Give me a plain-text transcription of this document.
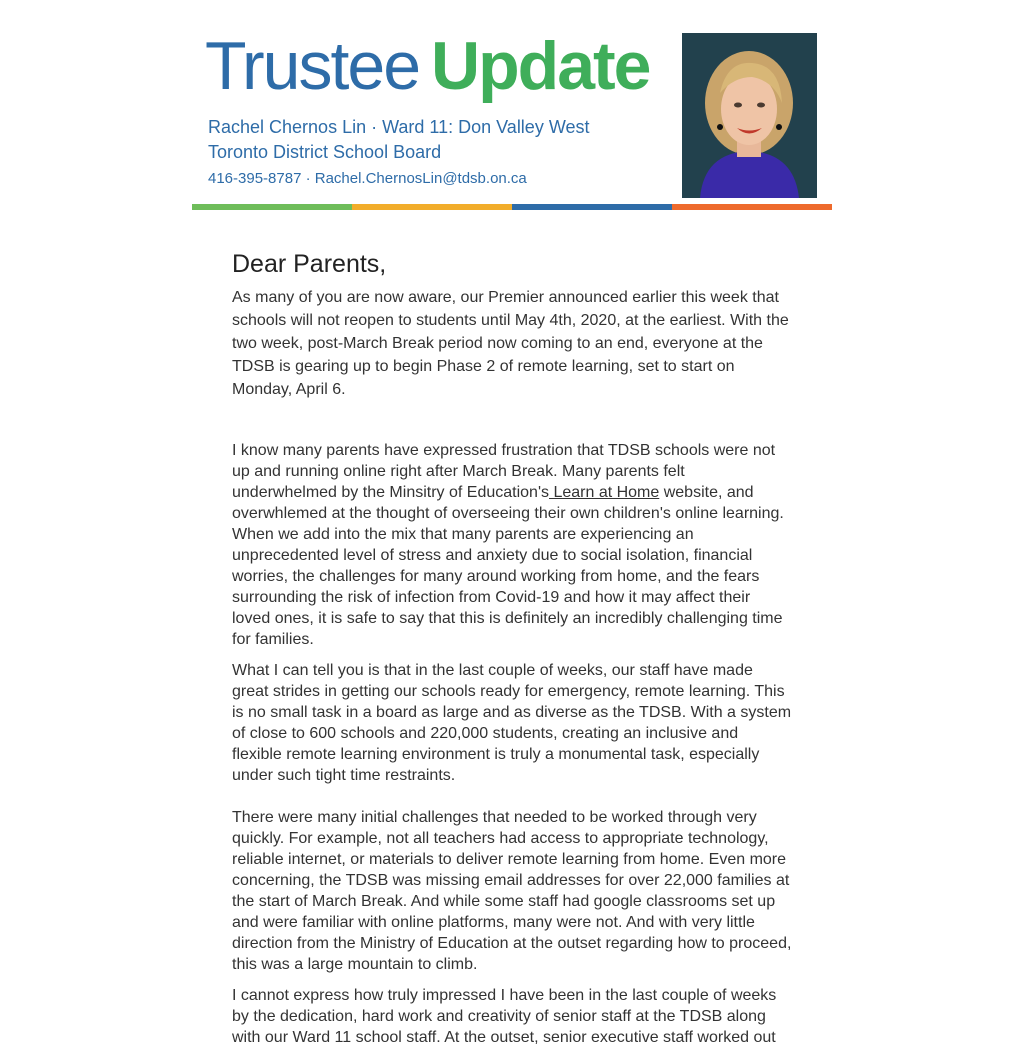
Trustee Update
Rachel Chernos Lin · Ward 11: Don Valley West
Toronto District School Board
416-395-8787 · Rachel.ChernosLin@tdsb.on.ca
Dear Parents,

As many of you are now aware, our Premier announced earlier this week that schools will not reopen to students until May 4th, 2020, at the earliest. With the two week, post-March Break period now coming to an end, everyone at the TDSB is gearing up to begin Phase 2 of remote learning, set to start on Monday, April 6.

I know many parents have expressed frustration that TDSB schools were not up and running online right after March Break. Many parents felt underwhelmed by the Minsitry of Education's Learn at Home website, and overwhlemed at the thought of overseeing their own children's online learning. When we add into the mix that many parents are experiencing an unprecedented level of stress and anxiety due to social isolation, financial worries, the challenges for many around working from home, and the fears surrounding the risk of infection from Covid-19 and how it may affect their loved ones, it is safe to say that this is definitely an incredibly challenging time for families.

What I can tell you is that in the last couple of weeks, our staff have made great strides in getting our schools ready for emergency, remote learning. This is no small task in a board as large and as diverse as the TDSB. With a system of close to 600 schools and 220,000 students, creating an inclusive and flexible remote learning environment is truly a monumental task, especially under such tight time restraints.

There were many initial challenges that needed to be worked through very quickly. For example, not all teachers had access to appropriate technology, reliable internet, or materials to deliver remote learning from home. Even more concerning, the TDSB was missing email addresses for over 22,000 families at the start of March Break. And while some staff had google classrooms set up and were familiar with online platforms, many were not. And with very little direction from the Ministry of Education at the outset regarding how to proceed, this was a large mountain to climb.

I cannot express how truly impressed I have been in the last couple of weeks by the dedication, hard work and creativity of senior staff at the TDSB along with our Ward 11 school staff. At the outset, senior executive staff worked out
